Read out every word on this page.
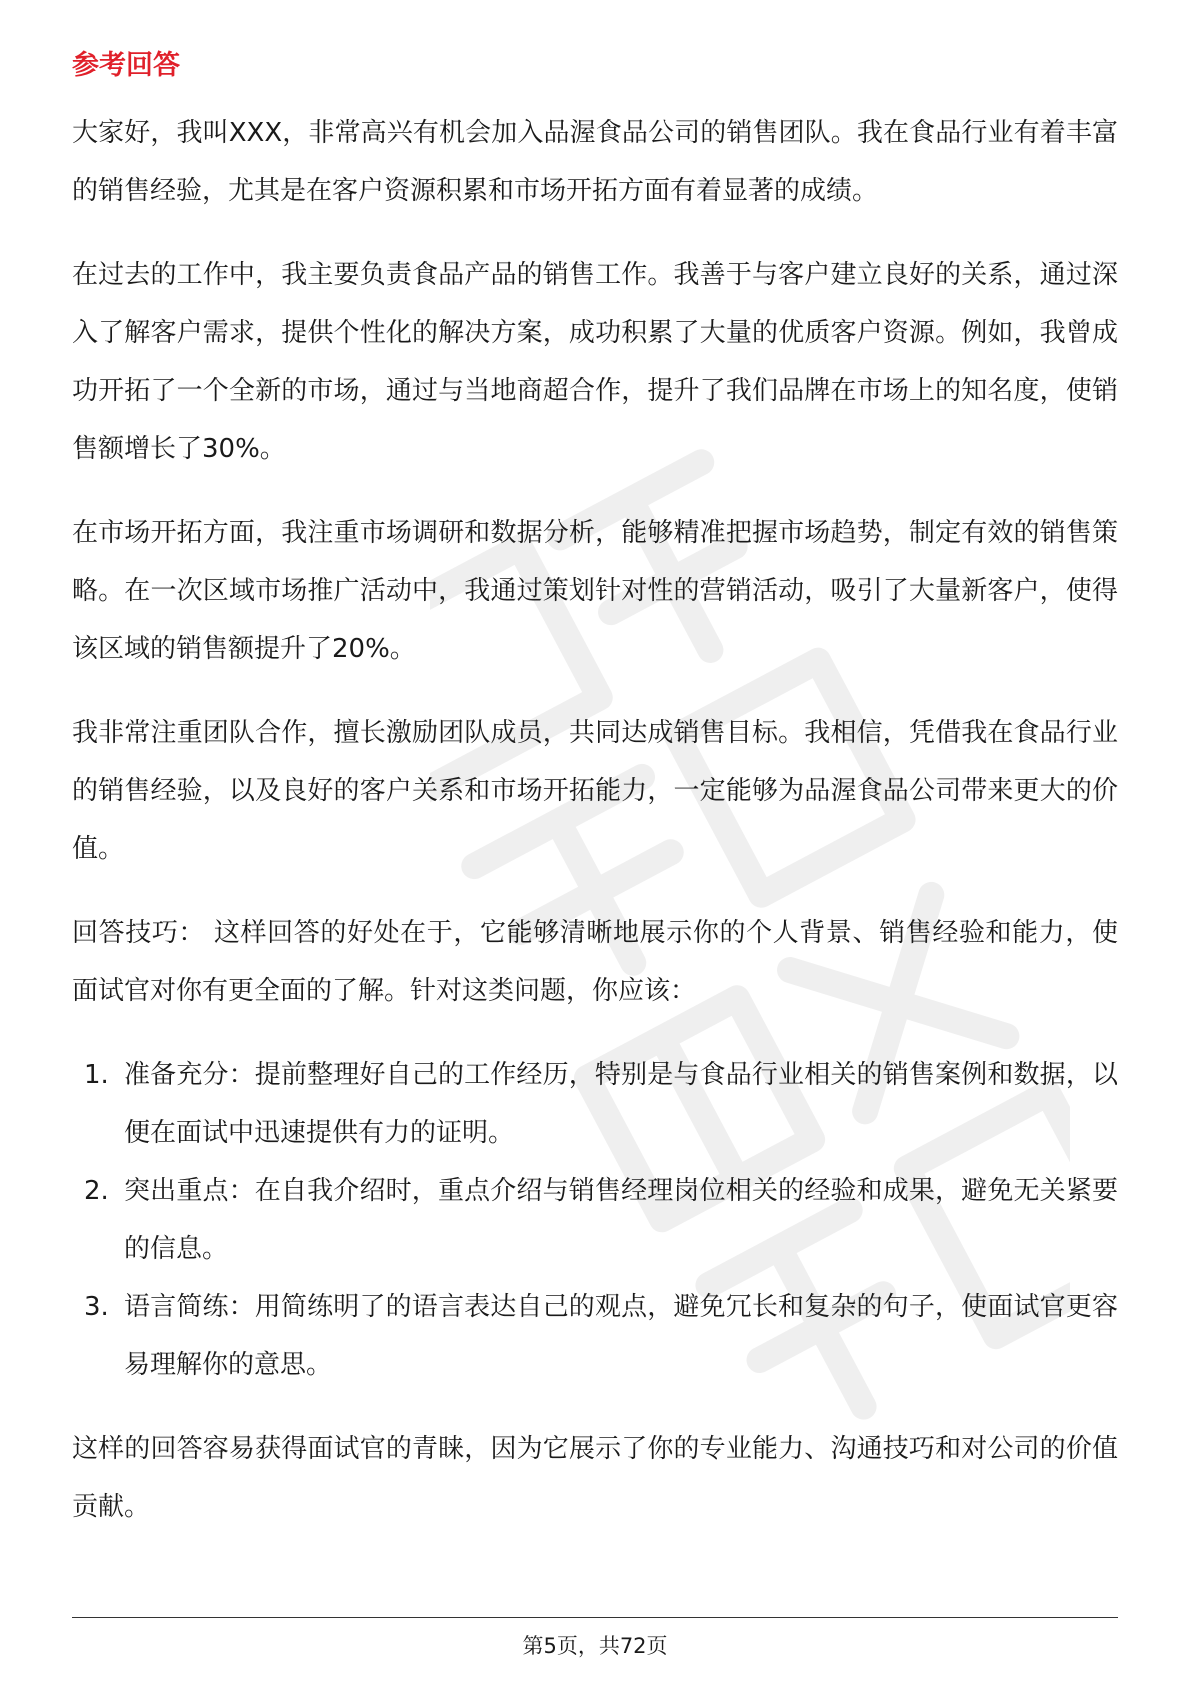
参考回答

大家好，我叫XXX，非常高兴有机会加入品渥食品公司的销售团队。我在食品行业有着丰富的销售经验，尤其是在客户资源积累和市场开拓方面有着显著的成绩。

在过去的工作中，我主要负责食品产品的销售工作。我善于与客户建立良好的关系，通过深入了解客户需求，提供个性化的解决方案，成功积累了大量的优质客户资源。例如，我曾成功开拓了一个全新的市场，通过与当地商超合作，提升了我们品牌在市场上的知名度，使销售额增长了30%。

在市场开拓方面，我注重市场调研和数据分析，能够精准把握市场趋势，制定有效的销售策略。在一次区域市场推广活动中，我通过策划针对性的营销活动，吸引了大量新客户，使得该区域的销售额提升了20%。

我非常注重团队合作，擅长激励团队成员，共同达成销售目标。我相信，凭借我在食品行业的销售经验，以及良好的客户关系和市场开拓能力，一定能够为品渥食品公司带来更大的价值。

回答技巧： 这样回答的好处在于，它能够清晰地展示你的个人背景、销售经验和能力，使面试官对你有更全面的了解。针对这类问题，你应该：

1. 准备充分：提前整理好自己的工作经历，特别是与食品行业相关的销售案例和数据，以便在面试中迅速提供有力的证明。
2. 突出重点：在自我介绍时，重点介绍与销售经理岗位相关的经验和成果，避免无关紧要的信息。
3. 语言简练：用简练明了的语言表达自己的观点，避免冗长和复杂的句子，使面试官更容易理解你的意思。

这样的回答容易获得面试官的青睐，因为它展示了你的专业能力、沟通技巧和对公司的价值贡献。

第5页，共72页
